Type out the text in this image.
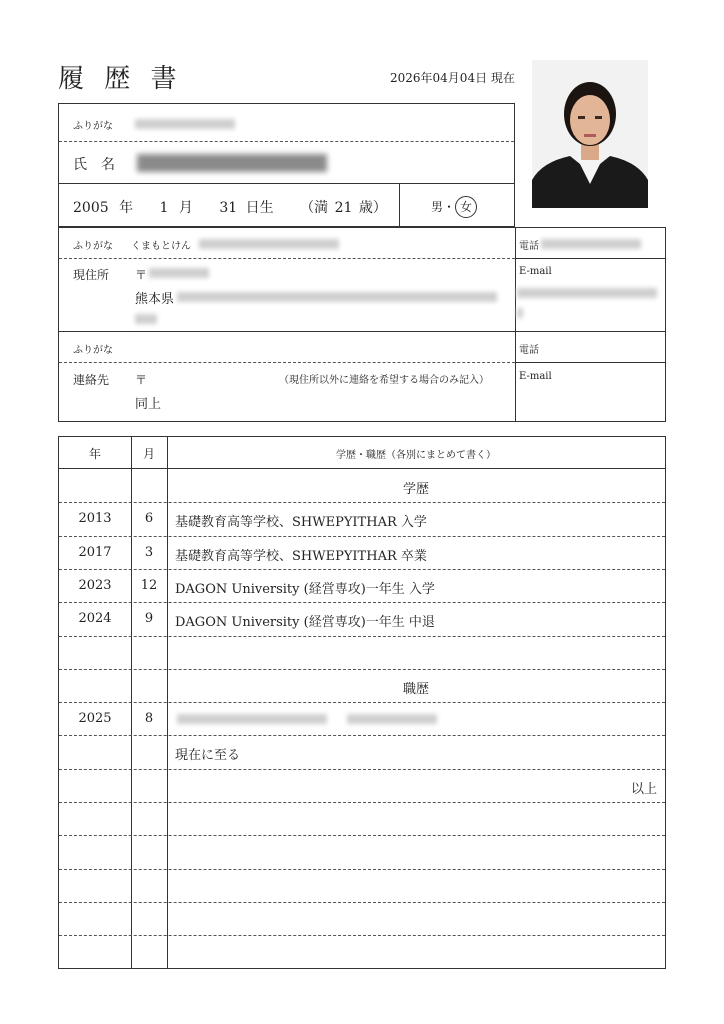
履 歴 書	2026年04月04日 現在
ふりがな
氏　名
2005 年 1 月 31 日生 （満 21 歳）	男・ 女
ふりがな くまもとけん	電話
現住所 〒
熊本県
E-mail
ふりがな	電話
連絡先 〒	（現住所以外に連絡を希望する場合のみ記入）
同上
E-mail
年	月	学歴・職歴（各別にまとめて書く）
学歴
2013	6	基礎教育高等学校、SHWEPYITHAR 入学
2017	3	基礎教育高等学校、SHWEPYITHAR 卒業
2023	12	DAGON University (経営専攻)一年生 入学
2024	9	DAGON University (経営専攻)一年生 中退
職歴
2025	8
現在に至る
以上
